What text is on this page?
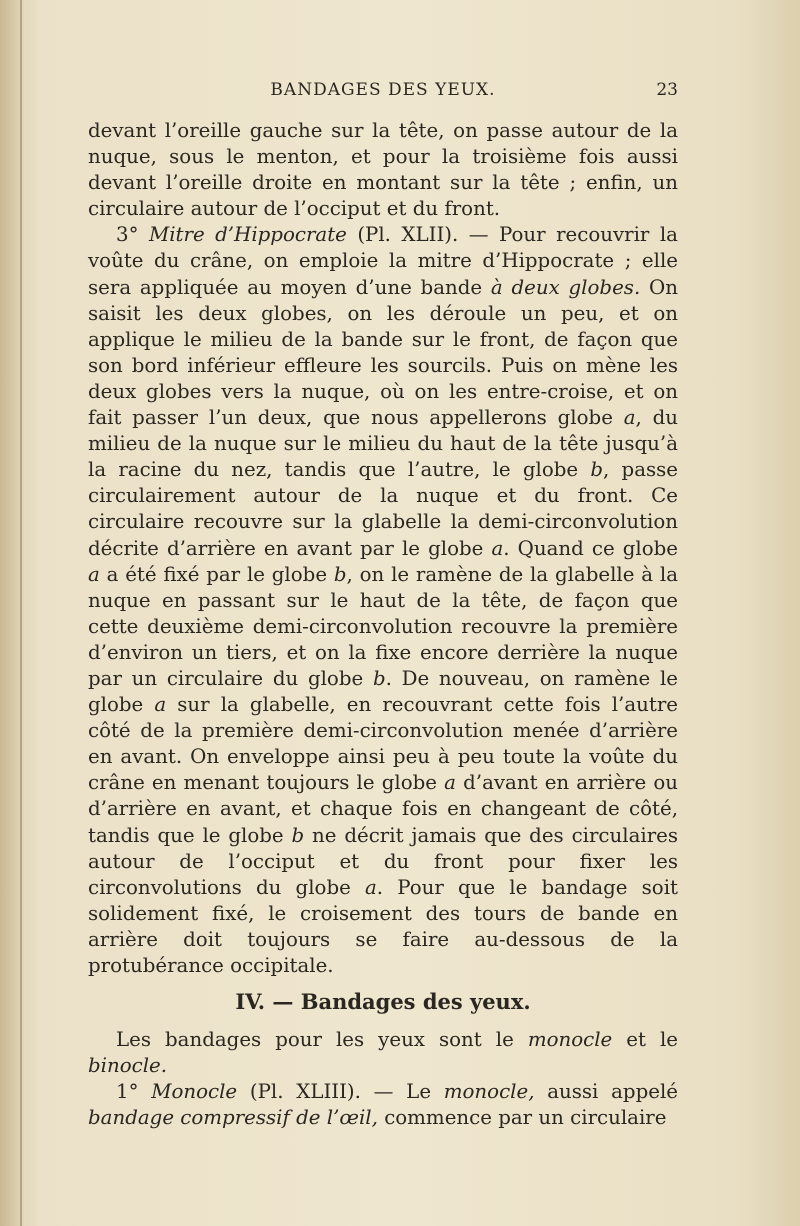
BANDAGES DES YEUX.	23

devant l’oreille gauche sur la tête, on passe autour de la nuque, sous le menton, et pour la troisième fois aussi devant l’oreille droite en montant sur la tête ; enfin, un circulaire autour de l’occiput et du front.

3° Mitre d’Hippocrate (Pl. XLII). — Pour recouvrir la voûte du crâne, on emploie la mitre d’Hippocrate ; elle sera appliquée au moyen d’une bande à deux globes. On saisit les deux globes, on les déroule un peu, et on applique le milieu de la bande sur le front, de façon que son bord inférieur effleure les sourcils. Puis on mène les deux globes vers la nuque, où on les entre-croise, et on fait passer l’un deux, que nous appellerons globe a, du milieu de la nuque sur le milieu du haut de la tête jusqu’à la racine du nez, tandis que l’autre, le globe b, passe circulairement autour de la nuque et du front. Ce circulaire recouvre sur la glabelle la demi-circonvolution décrite d’arrière en avant par le globe a. Quand ce globe a a été fixé par le globe b, on le ramène de la glabelle à la nuque en passant sur le haut de la tête, de façon que cette deuxième demi-circonvolution recouvre la première d’environ un tiers, et on la fixe encore derrière la nuque par un circulaire du globe b. De nouveau, on ramène le globe a sur la glabelle, en recouvrant cette fois l’autre côté de la première demi-circonvolution menée d’arrière en avant. On enveloppe ainsi peu à peu toute la voûte du crâne en menant toujours le globe a d’avant en arrière ou d’arrière en avant, et chaque fois en changeant de côté, tandis que le globe b ne décrit jamais que des circulaires autour de l’occiput et du front pour fixer les circonvolutions du globe a. Pour que le bandage soit solidement fixé, le croisement des tours de bande en arrière doit toujours se faire au-dessous de la protubérance occipitale.

IV. — Bandages des yeux.

Les bandages pour les yeux sont le monocle et le binocle.

1° Monocle (Pl. XLIII). — Le monocle, aussi appelé bandage compressif de l’œil, commence par un circulaire
